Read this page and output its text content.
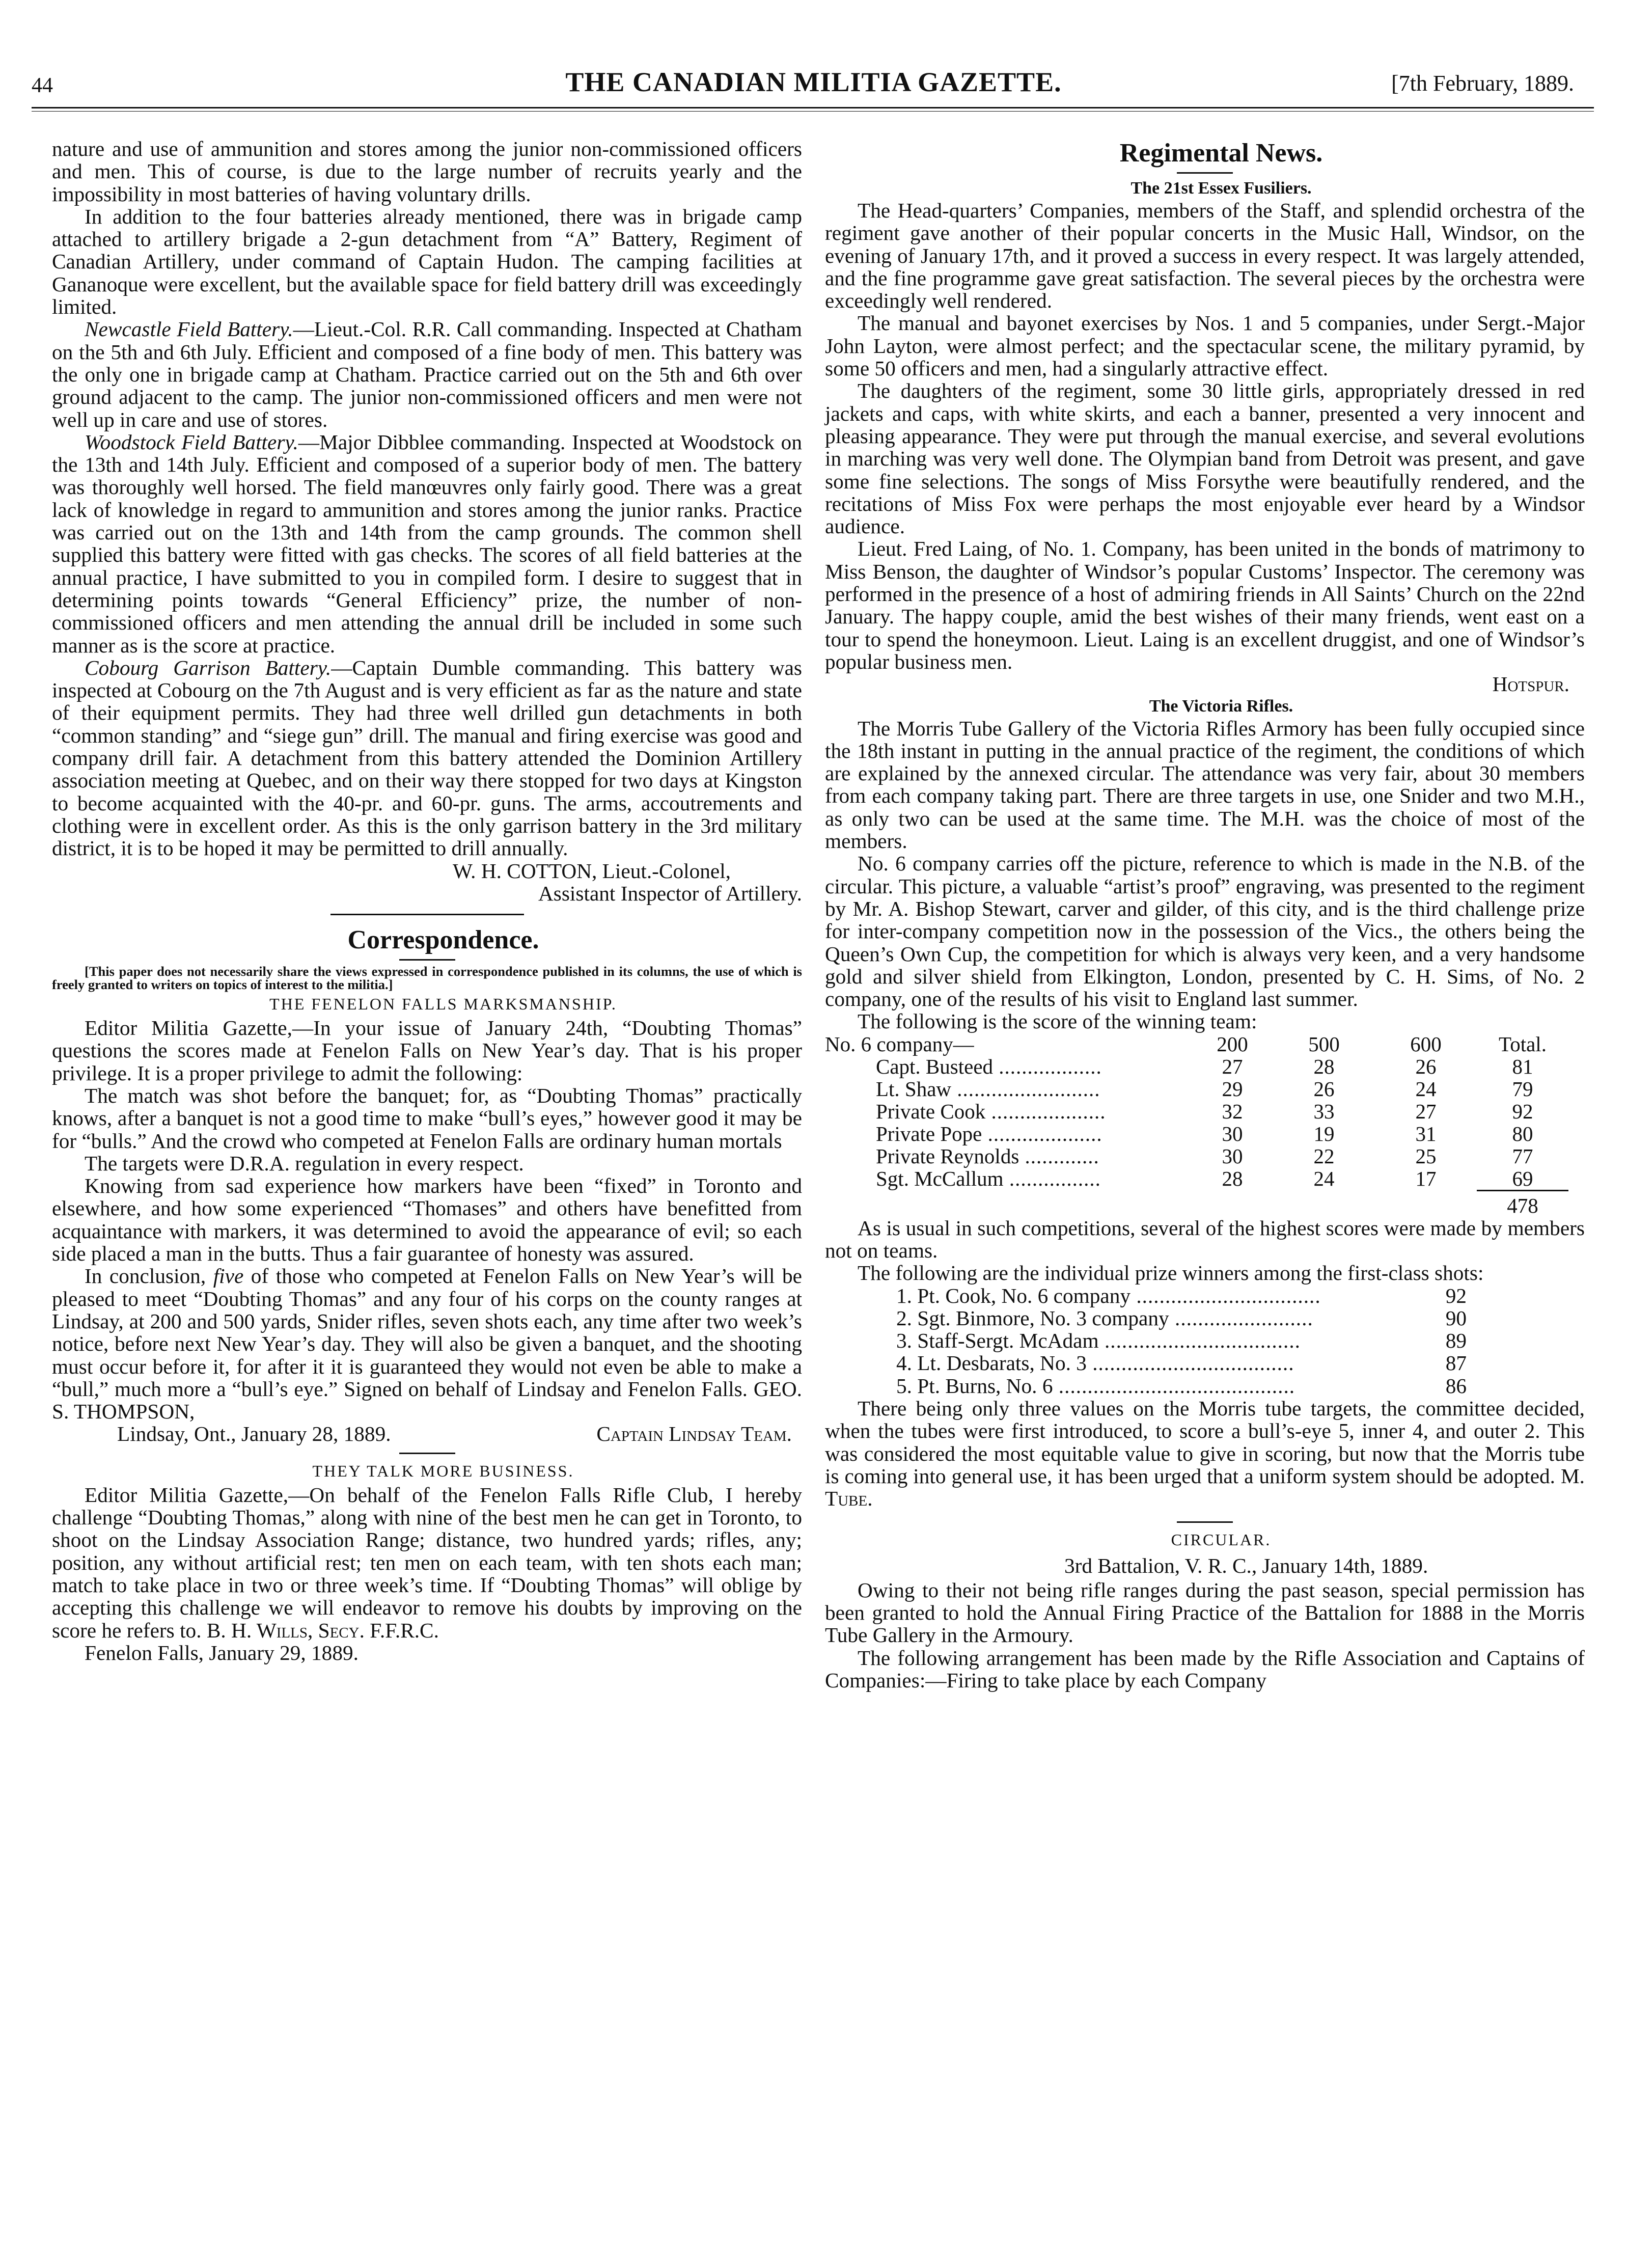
44	THE CANADIAN MILITIA GAZETTE.	[7th February, 1889.

nature and use of ammunition and stores among the junior non-commissioned officers and men. This of course, is due to the large number of recruits yearly and the impossibility in most batteries of having voluntary drills.

In addition to the four batteries already mentioned, there was in brigade camp attached to artillery brigade a 2-gun detachment from “A” Battery, Regiment of Canadian Artillery, under command of Captain Hudon. The camping facilities at Gananoque were excellent, but the available space for field battery drill was exceedingly limited.

Newcastle Field Battery.—Lieut.-Col. R.R. Call commanding. Inspected at Chatham on the 5th and 6th July. Efficient and composed of a fine body of men. This battery was the only one in brigade camp at Chatham. Practice carried out on the 5th and 6th over ground adjacent to the camp. The junior non-commissioned officers and men were not well up in care and use of stores.

Woodstock Field Battery.—Major Dibblee commanding. Inspected at Woodstock on the 13th and 14th July. Efficient and composed of a superior body of men. The battery was thoroughly well horsed. The field manœuvres only fairly good. There was a great lack of knowledge in regard to ammunition and stores among the junior ranks. Practice was carried out on the 13th and 14th from the camp grounds. The common shell supplied this battery were fitted with gas checks. The scores of all field batteries at the annual practice, I have submitted to you in compiled form. I desire to suggest that in determining points towards “General Efficiency” prize, the number of non-commissioned officers and men attending the annual drill be included in some such manner as is the score at practice.

Cobourg Garrison Battery.—Captain Dumble commanding. This battery was inspected at Cobourg on the 7th August and is very efficient as far as the nature and state of their equipment permits. They had three well drilled gun detachments in both “common standing” and “siege gun” drill. The manual and firing exercise was good and company drill fair. A detachment from this battery attended the Dominion Artillery association meeting at Quebec, and on their way there stopped for two days at Kingston to become acquainted with the 40-pr. and 60-pr. guns. The arms, accoutrements and clothing were in excellent order. As this is the only garrison battery in the 3rd military district, it is to be hoped it may be permitted to drill annually.

W. H. COTTON, Lieut.-Colonel,

Assistant Inspector of Artillery.

Correspondence.

[This paper does not necessarily share the views expressed in correspondence published in its columns, the use of which is freely granted to writers on topics of interest to the militia.]

THE FENELON FALLS MARKSMANSHIP.

Editor Militia Gazette,—In your issue of January 24th, “Doubting Thomas” questions the scores made at Fenelon Falls on New Year’s day. That is his proper privilege. It is a proper privilege to admit the following:

The match was shot before the banquet; for, as “Doubting Thomas” practically knows, after a banquet is not a good time to make “bull’s eyes,” however good it may be for “bulls.” And the crowd who competed at Fenelon Falls are ordinary human mortals

The targets were D.R.A. regulation in every respect.

Knowing from sad experience how markers have been “fixed” in Toronto and elsewhere, and how some experienced “Thomases” and others have benefitted from acquaintance with markers, it was determined to avoid the appearance of evil; so each side placed a man in the butts. Thus a fair guarantee of honesty was assured.

In conclusion, five of those who competed at Fenelon Falls on New Year’s will be pleased to meet “Doubting Thomas” and any four of his corps on the county ranges at Lindsay, at 200 and 500 yards, Snider rifles, seven shots each, any time after two week’s notice, before next New Year’s day. They will also be given a banquet, and the shooting must occur before it, for after it it is guaranteed they would not even be able to make a “bull,” much more a “bull’s eye.” Signed on behalf of Lindsay and Fenelon Falls. GEO. S. THOMPSON,

Lindsay, Ont., January 28, 1889.	Captain Lindsay Team.

THEY TALK MORE BUSINESS.

Editor Militia Gazette,—On behalf of the Fenelon Falls Rifle Club, I hereby challenge “Doubting Thomas,” along with nine of the best men he can get in Toronto, to shoot on the Lindsay Association Range; distance, two hundred yards; rifles, any; position, any without artificial rest; ten men on each team, with ten shots each man; match to take place in two or three week’s time. If “Doubting Thomas” will oblige by accepting this challenge we will endeavor to remove his doubts by improving on the score he refers to. B. H. Wills, Secy. F.F.R.C.

Fenelon Falls, January 29, 1889.

Regimental News.

The 21st Essex Fusiliers.

The Head-quarters’ Companies, members of the Staff, and splendid orchestra of the regiment gave another of their popular concerts in the Music Hall, Windsor, on the evening of January 17th, and it proved a success in every respect. It was largely attended, and the fine programme gave great satisfaction. The several pieces by the orchestra were exceedingly well rendered.

The manual and bayonet exercises by Nos. 1 and 5 companies, under Sergt.-Major John Layton, were almost perfect; and the spectacular scene, the military pyramid, by some 50 officers and men, had a singularly attractive effect.

The daughters of the regiment, some 30 little girls, appropriately dressed in red jackets and caps, with white skirts, and each a banner, presented a very innocent and pleasing appearance. They were put through the manual exercise, and several evolutions in marching was very well done. The Olympian band from Detroit was present, and gave some fine selections. The songs of Miss Forsythe were beautifully rendered, and the recitations of Miss Fox were perhaps the most enjoyable ever heard by a Windsor audience.

Lieut. Fred Laing, of No. 1. Company, has been united in the bonds of matrimony to Miss Benson, the daughter of Windsor’s popular Customs’ Inspector. The ceremony was performed in the presence of a host of admiring friends in All Saints’ Church on the 22nd January. The happy couple, amid the best wishes of their many friends, went east on a tour to spend the honeymoon. Lieut. Laing is an excellent druggist, and one of Windsor’s popular business men.

Hotspur.

The Victoria Rifles.

The Morris Tube Gallery of the Victoria Rifles Armory has been fully occupied since the 18th instant in putting in the annual practice of the regiment, the conditions of which are explained by the annexed circular. The attendance was very fair, about 30 members from each company taking part. There are three targets in use, one Snider and two M.H., as only two can be used at the same time. The M.H. was the choice of most of the members.

No. 6 company carries off the picture, reference to which is made in the N.B. of the circular. This picture, a valuable “artist’s proof” engraving, was presented to the regiment by Mr. A. Bishop Stewart, carver and gilder, of this city, and is the third challenge prize for inter-company competition now in the possession of the Vics., the others being the Queen’s Own Cup, the competition for which is always very keen, and a very handsome gold and silver shield from Elkington, London, presented by C. H. Sims, of No. 2 company, one of the results of his visit to England last summer.

The following is the score of the winning team:

No. 6 company—	200	500	600	Total.
Capt. Busteed ..................	27	28	26	81
Lt. Shaw .........................	29	26	24	79
Private Cook ....................	32	33	27	92
Private Pope ....................	30	19	31	80
Private Reynolds .............	30	22	25	77
Sgt. McCallum ................	28	24	17	69
				478

As is usual in such competitions, several of the highest scores were made by members not on teams.

The following are the individual prize winners among the first-class shots:

1. Pt. Cook, No. 6 company ................................	92
2. Sgt. Binmore, No. 3 company ........................	90
3. Staff-Sergt. McAdam ..................................	89
4. Lt. Desbarats, No. 3 ...................................	87
5. Pt. Burns, No. 6 .........................................	86

There being only three values on the Morris tube targets, the committee decided, when the tubes were first introduced, to score a bull’s-eye 5, inner 4, and outer 2. This was considered the most equitable value to give in scoring, but now that the Morris tube is coming into general use, it has been urged that a uniform system should be adopted. M. Tube.

CIRCULAR.

3rd Battalion, V. R. C., January 14th, 1889.

Owing to their not being rifle ranges during the past season, special permission has been granted to hold the Annual Firing Practice of the Battalion for 1888 in the Morris Tube Gallery in the Armoury.

The following arrangement has been made by the Rifle Association and Captains of Companies:—Firing to take place by each Company
